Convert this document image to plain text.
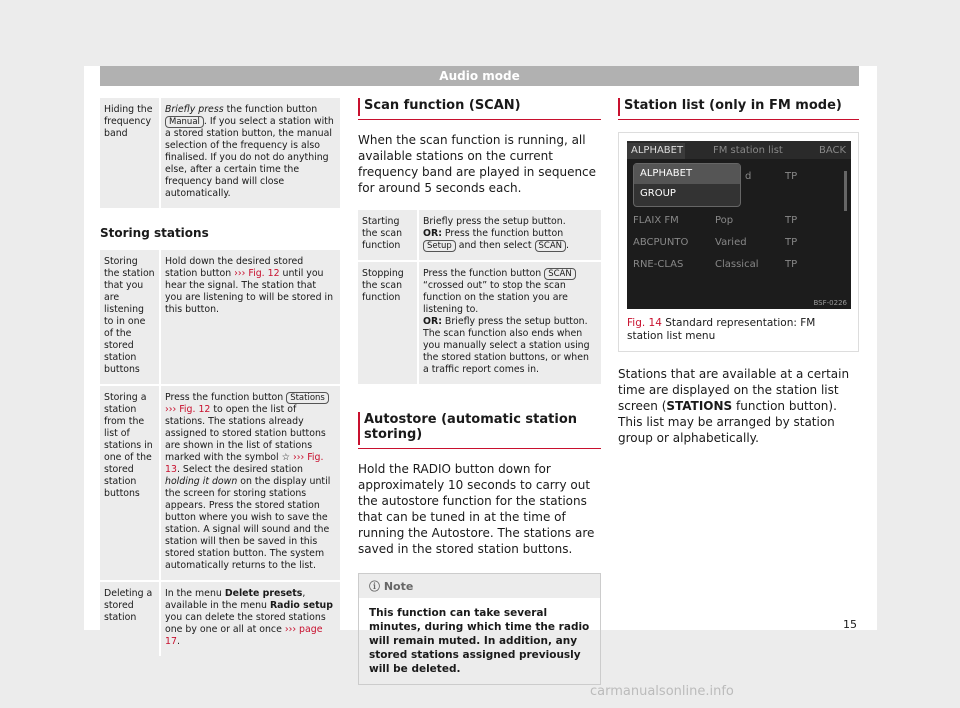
Audio mode
Hiding the frequency band	Briefly press the function button Manual . If you select a station with a stored station button, the manual selection of the frequency is also finalised. If you do not do anything else, after a certain time the frequency band will close automatically.
Storing stations
Storing the station that you are listening to in one of the stored station buttons	Hold down the desired stored station button ››› Fig. 12 until you hear the signal. The station that you are listening to will be stored in this button.
Storing a station from the list of stations in one of the stored station buttons	Press the function button Stations ››› Fig. 12 to open the list of stations. The stations already assigned to stored station buttons are shown in the list of stations marked with the symbol ☆ ››› Fig. 13. Select the desired station holding it down on the display until the screen for storing stations appears. Press the stored station button where you wish to save the station. A signal will sound and the station will then be saved in this stored station button. The system automatically returns to the list.
Deleting a stored station	In the menu Delete presets, available in the menu Radio setup you can delete the stored stations one by one or all at once ››› page 17.
Scan function (SCAN)
When the scan function is running, all available stations on the current frequency band are played in sequence for around 5 seconds each.
Starting the scan function	Briefly press the setup button.
OR: Press the function button Setup and then select SCAN .
Stopping the scan function	Press the function button SCAN “crossed out” to stop the scan function on the station you are listening to.
OR: Briefly press the setup button. The scan function also ends when you manually select a station using the stored station buttons, or when a traffic report comes in.
Autostore (automatic station storing)
Hold the RADIO button down for approximately 10 seconds to carry out the autostore function for the stations that can be tuned in at the time of running the Autostore. The stations are saved in the stored station buttons.
ⓘ Note
This function can take several minutes, during which time the radio will remain muted. In addition, any stored stations assigned previously will be deleted.
Station list (only in FM mode)
ALPHABET	FM station list	BACK
ALPHABET
GROUP
TP
d
FLAIX FM	Pop	TP
ABCPUNTO	Varied	TP
RNE-CLAS	Classical	TP
BSF-0226
Fig. 14 Standard representation: FM station list menu
Stations that are available at a certain time are displayed on the station list screen (STATIONS function button). This list may be arranged by station group or alphabetically.
15
carmanualsonline.info
